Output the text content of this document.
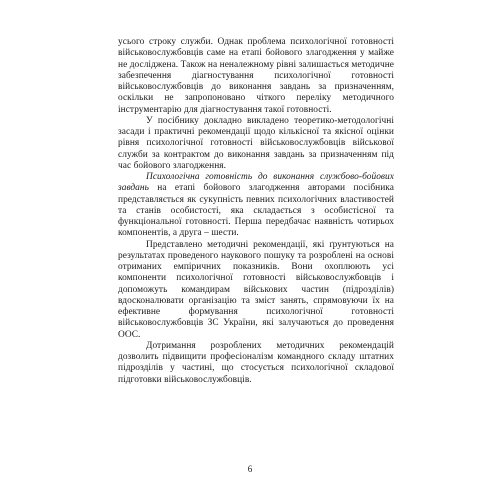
усього строку служби. Однак проблема психологічної готовності військовослужбовців саме на етапі бойового злагодження у майже не досліджена. Також на неналежному рівні залишається методичне забезпечення діагностування психологічної готовності військовослужбовців до виконання завдань за призначенням, оскільки не запропоновано чіткого переліку методичного інструментарію для діагностування такої готовності.

У посібнику докладно викладено теоретико-методологічні засади і практичні рекомендації щодо кількісної та якісної оцінки рівня психологічної готовності військовослужбовців військової служби за контрактом до виконання завдань за призначенням під час бойового злагодження.

Психологічна готовність до виконання службово-бойових завдань на етапі бойового злагодження авторами посібника представляється як сукупність певних психологічних властивостей та станів особистості, яка складається з особистісної та функціональної готовності. Перша передбачає наявність чотирьох компонентів, а друга – шести.

Представлено методичні рекомендації, які ґрунтуються на результатах проведеного наукового пошуку та розроблені на основі отриманих емпіричних показників. Вони охоплюють усі компоненти психологічної готовності військовослужбовців і допоможуть командирам військових частин (підрозділів) вдосконалювати організацію та зміст занять, спрямовуючи їх на ефективне формування психологічної готовності військовослужбовців ЗС України, які залучаються до проведення ООС.

Дотримання розроблених методичних рекомендацій дозволить підвищити професіоналізм командного складу штатних підрозділів у частині, що стосується психологічної складової підготовки військовослужбовців.

6
